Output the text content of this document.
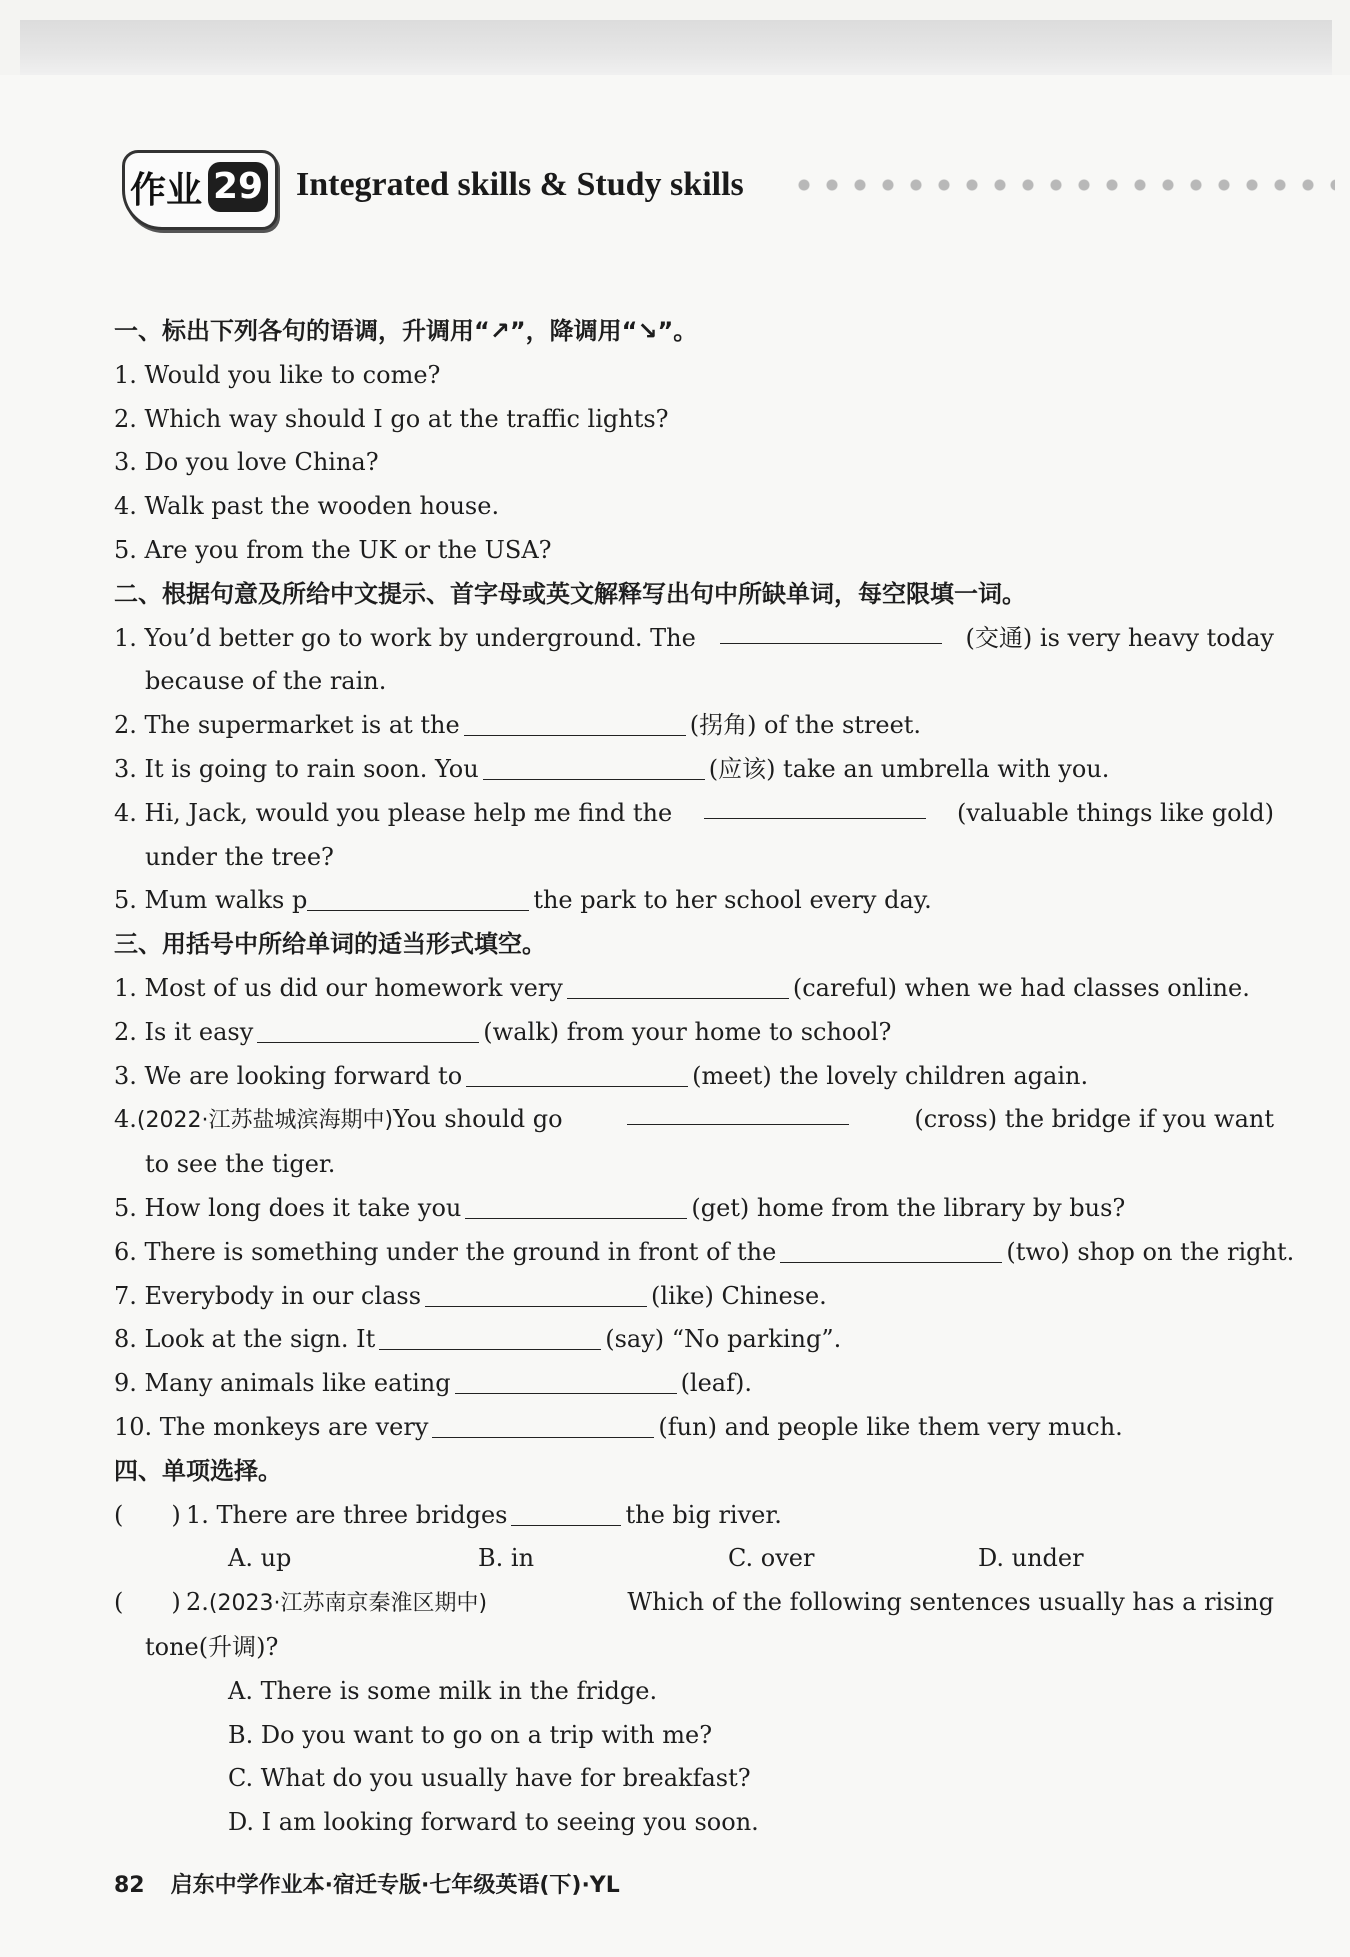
作业 29 Integrated skills & Study skills
一、标出下列各句的语调，升调用“↗”，降调用“↘”。
1. Would you like to come?
2. Which way should I go at the traffic lights?
3. Do you love China?
4. Walk past the wooden house.
5. Are you from the UK or the USA?
二、根据句意及所给中文提示、首字母或英文解释写出句中所缺单词，每空限填一词。
1. You’d better go to work by underground. The	(交通) is very heavy today
because of the rain.
2. The supermarket is at the	(拐角) of the street.
3. It is going to rain soon. You	(应该) take an umbrella with you.
4. Hi, Jack, would you please help me find the	(valuable things like gold)
under the tree?
5. Mum walks p	the park to her school every day.
三、用括号中所给单词的适当形式填空。
1. Most of us did our homework very	(careful) when we had classes online.
2. Is it easy	(walk) from your home to school?
3. We are looking forward to	(meet) the lovely children again.
4.(2022·江苏盐城滨海期中)You should go	(cross) the bridge if you want
to see the tiger.
5. How long does it take you	(get) home from the library by bus?
6. There is something under the ground in front of the	(two) shop on the right.
7. Everybody in our class	(like) Chinese.
8. Look at the sign. It	(say) “No parking”.
9. Many animals like eating	(leaf).
10. The monkeys are very	(fun) and people like them very much.
四、单项选择。
(　　) 1. There are three bridges	the big river.
A. up	B. in	C. over	D. under
(　　) 2.(2023·江苏南京秦淮区期中)	Which of the following sentences usually has a rising
tone(升调)?
A. There is some milk in the fridge.
B. Do you want to go on a trip with me?
C. What do you usually have for breakfast?
D. I am looking forward to seeing you soon.
82 启东中学作业本·宿迁专版·七年级英语(下)·YL
